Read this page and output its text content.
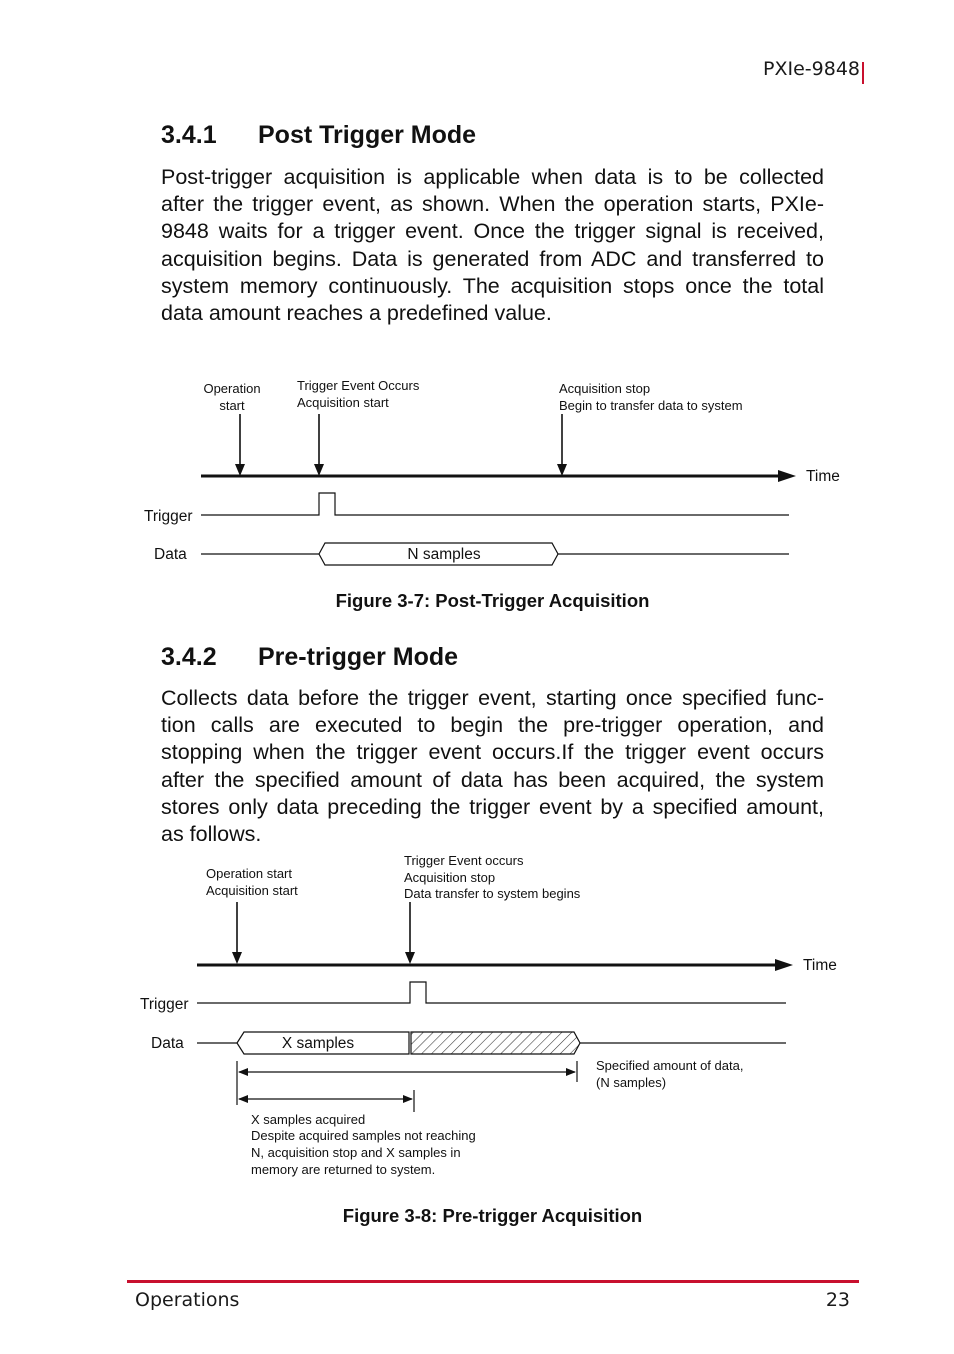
PXIe-9848
3.4.1 Post Trigger Mode
Post-trigger acquisition is applicable when data is to be collected after the trigger event, as shown. When the operation starts, PXIe-9848 waits for a trigger event. Once the trigger signal is received, acquisition begins. Data is generated from ADC and transferred to system memory continuously. The acquisition stops once the total data amount reaches a predefined value.
Operation
start
Trigger Event Occurs
Acquisition start
Acquisition stop
Begin to transfer data to system
Time
Trigger
Data	N samples
Figure 3-7: Post-Trigger Acquisition
3.4.2 Pre-trigger Mode
Collects data before the trigger event, starting once specified func-tion calls are executed to begin the pre-trigger operation, and stopping when the trigger event occurs.If the trigger event occurs after the specified amount of data has been acquired, the system stores only data preceding the trigger event by a specified amount, as follows.
Operation start
Acquisition start
Trigger Event occurs
Acquisition stop
Data transfer to system begins
Time
Trigger
Data	X samples
Specified amount of data,
(N samples)
X samples acquired
Despite acquired samples not reaching
N, acquisition stop and X samples in
memory are returned to system.
Figure 3-8: Pre-trigger Acquisition
Operations	23
